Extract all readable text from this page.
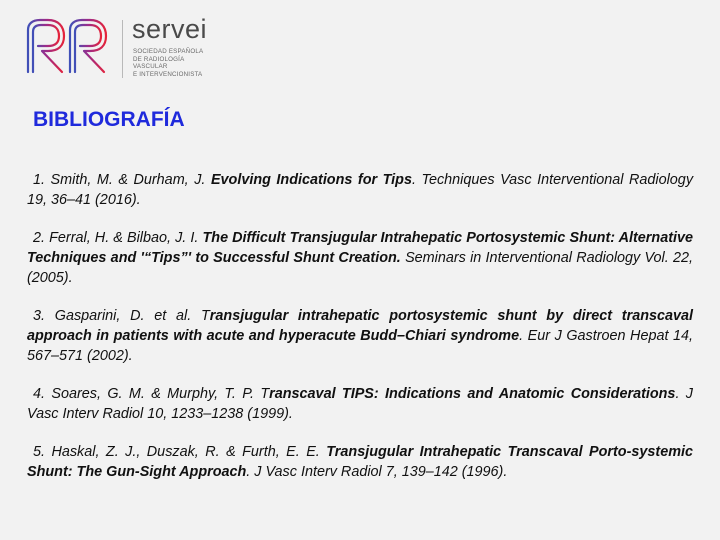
servei
SOCIEDAD ESPAÑOLA
DE RADIOLOGÍA
VASCULAR
E INTERVENCIONISTA
BIBLIOGRAFÍA

1. Smith, M. & Durham, J. Evolving Indications for Tips. Techniques Vasc Interventional Radiology 19, 36–41 (2016).

2. Ferral, H. & Bilbao, J. I. The Difficult Transjugular Intrahepatic Portosystemic Shunt: Alternative Techniques and '“Tips”' to Successful Shunt Creation. Seminars in Interventional Radiology Vol. 22, (2005).

3. Gasparini, D. et al. Transjugular intrahepatic portosystemic shunt by direct transcaval approach in patients with acute and hyperacute Budd–Chiari syndrome. Eur J Gastroen Hepat 14, 567–571 (2002).

4. Soares, G. M. & Murphy, T. P. Transcaval TIPS: Indications and Anatomic Considerations. J Vasc Interv Radiol 10, 1233–1238 (1999).

5. Haskal, Z. J., Duszak, R. & Furth, E. E. Transjugular Intrahepatic Transcaval Porto-systemic Shunt: The Gun-Sight Approach. J Vasc Interv Radiol 7, 139–142 (1996).
